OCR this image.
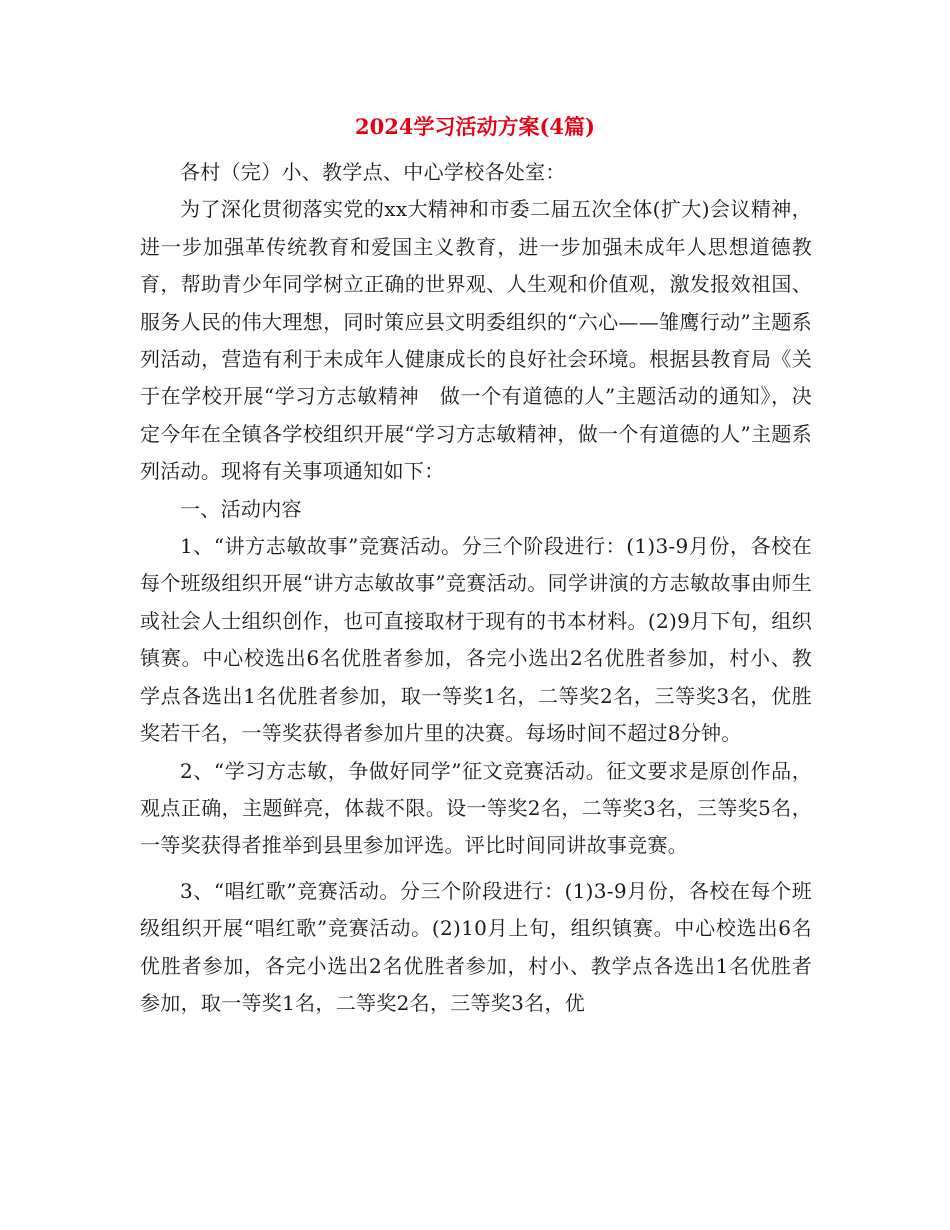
2024学习活动方案(4篇)

各村（完）小、教学点、中心学校各处室：

为了深化贯彻落实党的xx大精神和市委二届五次全体(扩大)会议精神，进一步加强革传统教育和爱国主义教育，进一步加强未成年人思想道德教育，帮助青少年同学树立正确的世界观、人生观和价值观，激发报效祖国、服务人民的伟大理想，同时策应县文明委组织的“六心——雏鹰行动”主题系列活动，营造有利于未成年人健康成长的良好社会环境。根据县教育局《关于在学校开展“学习方志敏精神　做一个有道德的人”主题活动的通知》，决定今年在全镇各学校组织开展“学习方志敏精神，做一个有道德的人”主题系列活动。现将有关事项通知如下：

一、活动内容

1、“讲方志敏故事”竞赛活动。分三个阶段进行：(1)3-9月份，各校在每个班级组织开展“讲方志敏故事”竞赛活动。同学讲演的方志敏故事由师生或社会人士组织创作，也可直接取材于现有的书本材料。(2)9月下旬，组织镇赛。中心校选出6名优胜者参加，各完小选出2名优胜者参加，村小、教学点各选出1名优胜者参加，取一等奖1名，二等奖2名，三等奖3名，优胜奖若干名，一等奖获得者参加片里的决赛。每场时间不超过8分钟。

2、“学习方志敏，争做好同学”征文竞赛活动。征文要求是原创作品，观点正确，主题鲜亮，体裁不限。设一等奖2名，二等奖3名，三等奖5名，一等奖获得者推举到县里参加评选。评比时间同讲故事竞赛。

3、“唱红歌”竞赛活动。分三个阶段进行：(1)3-9月份，各校在每个班级组织开展“唱红歌”竞赛活动。(2)10月上旬，组织镇赛。中心校选出6名优胜者参加，各完小选出2名优胜者参加，村小、教学点各选出1名优胜者参加，取一等奖1名，二等奖2名，三等奖3名，优
